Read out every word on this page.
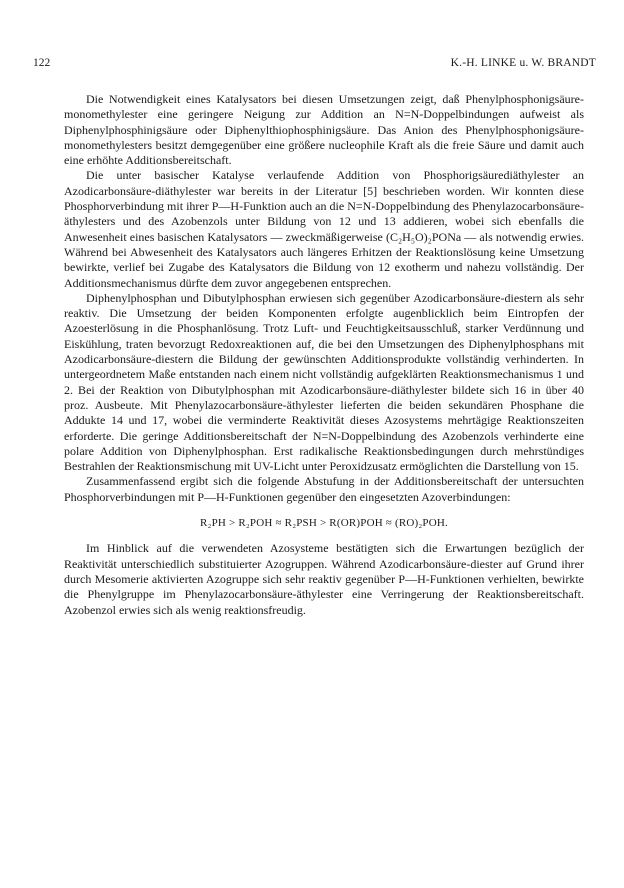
122	K.-H. LINKE u. W. BRANDT

Die Notwendigkeit eines Katalysators bei diesen Umsetzungen zeigt, daß Phenylphosphonigsäure-monomethylester eine geringere Neigung zur Addition an N=N-Doppelbindungen aufweist als Diphenylphosphinigsäure oder Diphenylthiophosphinigsäure. Das Anion des Phenylphosphonigsäure-monomethylesters besitzt demgegenüber eine größere nucleophile Kraft als die freie Säure und damit auch eine erhöhte Additionsbereitschaft.

Die unter basischer Katalyse verlaufende Addition von Phosphorigsäurediäthylester an Azodicarbonsäure-diäthylester war bereits in der Literatur [5] beschrieben worden. Wir konnten diese Phosphorverbindung mit ihrer P—H-Funktion auch an die N=N-Doppelbindung des Phenylazocarbonsäure-äthylesters und des Azobenzols unter Bildung von 12 und 13 addieren, wobei sich ebenfalls die Anwesenheit eines basischen Katalysators — zweckmäßigerweise (C₂H₅O)₂PONa — als notwendig erwies. Während bei Abwesenheit des Katalysators auch längeres Erhitzen der Reaktionslösung keine Umsetzung bewirkte, verlief bei Zugabe des Katalysators die Bildung von 12 exotherm und nahezu vollständig. Der Additionsmechanismus dürfte dem zuvor angegebenen entsprechen.

Diphenylphosphan und Dibutylphosphan erwiesen sich gegenüber Azodicarbonsäure-diestern als sehr reaktiv. Die Umsetzung der beiden Komponenten erfolgte augenblicklich beim Eintropfen der Azoesterlösung in die Phosphanlösung. Trotz Luft- und Feuchtigkeitsausschluß, starker Verdünnung und Eiskühlung, traten bevorzugt Redoxreaktionen auf, die bei den Umsetzungen des Diphenylphosphans mit Azodicarbonsäure-diestern die Bildung der gewünschten Additionsprodukte vollständig verhinderten. In untergeordnetem Maße entstanden nach einem nicht vollständig aufgeklärten Reaktionsmechanismus 1 und 2. Bei der Reaktion von Dibutylphosphan mit Azodicarbonsäure-diäthylester bildete sich 16 in über 40 proz. Ausbeute. Mit Phenylazocarbonsäure-äthylester lieferten die beiden sekundären Phosphane die Addukte 14 und 17, wobei die verminderte Reaktivität dieses Azosystems mehrtägige Reaktionszeiten erforderte. Die geringe Additionsbereitschaft der N=N-Doppelbindung des Azobenzols verhinderte eine polare Addition von Diphenylphosphan. Erst radikalische Reaktionsbedingungen durch mehrstündiges Bestrahlen der Reaktionsmischung mit UV-Licht unter Peroxidzusatz ermöglichten die Darstellung von 15.

Zusammenfassend ergibt sich die folgende Abstufung in der Additionsbereitschaft der untersuchten Phosphorverbindungen mit P—H-Funktionen gegenüber den eingesetzten Azoverbindungen:

R₂PH > R₂POH ≈ R₂PSH > R(OR)POH ≈ (RO)₂POH.

Im Hinblick auf die verwendeten Azosysteme bestätigten sich die Erwartungen bezüglich der Reaktivität unterschiedlich substituierter Azogruppen. Während Azodicarbonsäure-diester auf Grund ihrer durch Mesomerie aktivierten Azogruppe sich sehr reaktiv gegenüber P—H-Funktionen verhielten, bewirkte die Phenylgruppe im Phenylazocarbonsäure-äthylester eine Verringerung der Reaktionsbereitschaft. Azobenzol erwies sich als wenig reaktionsfreudig.
